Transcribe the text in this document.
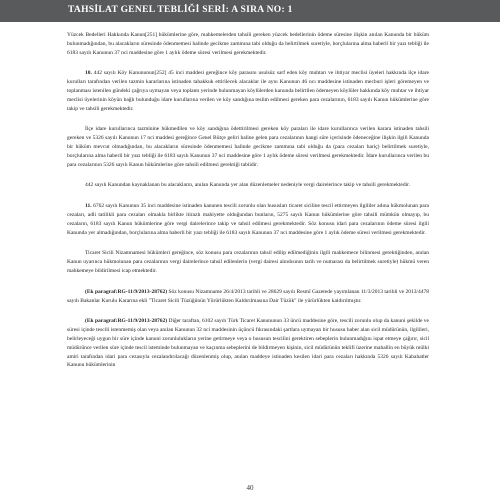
TAHSİLAT GENEL TEBLİĞİ SERİ: A SIRA NO: 1

Yüzcek Bedelleri Hakkında Kanun[251] hükümlerine göre, mahkemelerden tahsili gereken yüzcek bedellerinin ödeme süresine ilişkin anılan Kanunda bir hüküm bulunmadığından, bu alacakların süresinde ödenmemesi halinde gecikme zammına tabi olduğu da belirtilmek suretiyle, borçlularına alma haberli bir yazı tebliği ile 6183 sayılı Kanunun 37 nci maddesine göre 1 aylık ödeme süresi verilmesi gerekmektedir.

10. 442 sayılı Köy Kanununun[252] 45 inci maddesi gereğince köy parasını usulsüz sarf eden köy muhtarı ve ihtiyar meclisi üyeleri hakkında ilçe idare kurulları tarafından verilen tazmin kararlarına istinaden tahakkuk ettirilecek alacaklar ile aynı Kanunun 46 ncı maddesine istinaden mecburi işleri göremeyen ve toplanması istenilen gündeki çağrıya uymayan veya toplantı yerinde bulunmayan köylülerden kanunda belirtilen ödemeyen köylüler hakkında köy muhtar ve ihtiyar meclisi üyelerinin köyün bağlı bulunduğu idare kurullarına verilen ve köy sandığına teslim edilmesi gereken para cezalarının, 6183 sayılı Kanun hükümlerine göre takip ve tahsili gerekmektedir.

İlçe idare kurullarınca tazminine hükmedilen ve köy sandığına ödettirilmesi gereken köy paraları ile idare kurullarınca verilen karara istinaden tahsili gereken ve 5326 sayılı Kanunun 17 nci maddesi gereğince Genel Bütçe geliri haline gelen para cezalarının hangi süre içerisinde ödeneceğine ilişkin ilgili Kanunda bir hüküm mevcut olmadığından, bu alacakların süresinde ödenmemesi halinde gecikme zammına tabi olduğu da (para cezaları hariç) belirtilmek suretiyle, borçlularına alma haberli bir yazı tebliği ile 6183 sayılı Kanunun 37 nci maddesine göre 1 aylık ödeme süresi verilmesi gerekmektedir. İdare kurullarınca verilen bu para cezalarının 5326 sayılı Kanun hükümlerine göre tahsili edilmesi gerektiği tabiidir.

442 sayılı Kanundan kaynaklanan bu alacakların, anılan Kanunda yer alan düzenlemeler nedeniyle vergi dairelerince takip ve tahsili gerekmektedir.

11. 6762 sayılı Kanunun 35 inci maddesine istinaden kanunen tescili zorunlu olan hususları ticaret siciline tescil ettirmeyen ilgililer adına hükmolunan para cezaları, adli tatilikli para cezaları olmakla birlikte itirazlı mahiyette olduğundan bunların, 5275 sayılı Kanun hükümlerine göre tahsili mümkün olmayıp, bu cezaların, 6183 sayılı Kanun hükümlerine göre vergi dairelerince takip ve tahsil edilmesi gerekmektedir. Söz konusu idari para cezalarının ödeme süresi ilgili Kanunda yer almadığından, borçlularına alma haberli bir yazı tebliği ile 6183 sayılı Kanunun 37 nci maddesine göre 1 aylık ödeme süresi verilmesi gerekmektedir.

Ticaret Sicili Nizamnamesi hükümleri gereğince, söz konusu para cezalarının tahsil edilip edilmediğinin ilgili mahkemece bilinmesi gerektiğinden, anılan Kanun uyarınca hükmolunan para cezalarının vergi dairelerince tahsil edilenlerin (vergi dairesi alındısının tarih ve numarası da belirtilmek suretiyle) hükmü veren mahkemeye bildirilmesi icap etmektedir.

(Ek paragraf:RG-11/9/2013-28762) Söz konusu Nizamname 26/4/2013 tarihli ve 28629 sayılı Resmî Gazetede yayımlanan 11/3/2013 tarihli ve 2013/4478 sayılı Bakanlar Kurulu Kararına ekli "Ticaret Sicili Tüzüğünün Yürürlükten Kaldırılmasına Dair Tüzük" ile yürürlükten kaldırılmıştır.

(Ek paragraf:RG-11/9/2013-28762) Diğer taraftan, 6102 sayılı Türk Ticaret Kanununun 33 üncü maddesine göre, tescili zorunlu olup da kanuni şekilde ve süresi içinde tescili istenmemiş olan veya anılan Kanunun 32 nci maddesinin üçüncü fıkrasındaki şartlara uymayan bir hususu haber alan sicil müdürünün, ilgilileri, belirleyeceği uygun bir süre içinde kanuni zorunlulukların yerine getirmeye veya o hususun tescilini gerektiren sebeplerin bulunmadığını ispat etmeye çağırır, sicil müdürünce verilen süre içinde tescil isteminde bulunmayan ve kaçınma sebeplerini de bildirmeyen kişinin, sicil müdürünün teklifi üzerine mahallin en büyük mülki amiri tarafından idari para cezasıyla cezalandırılacağı düzenlenmiş olup, anılan maddeye istinaden kesilen idari para cezaları hakkında 5326 sayılı Kabahatler Kanunu hükümlerinin

40
